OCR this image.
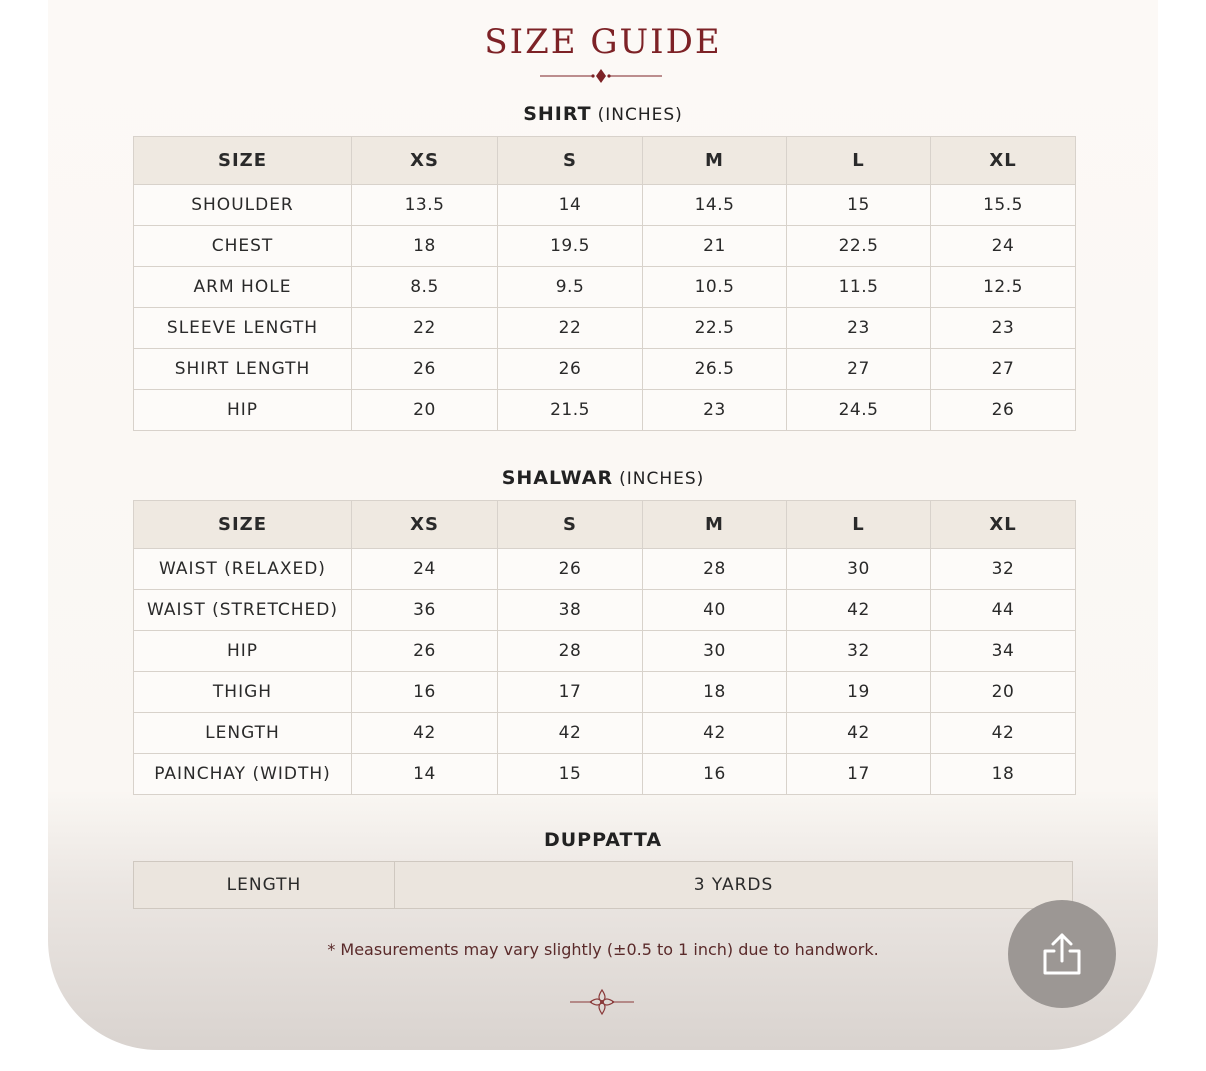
SIZE GUIDE
SHIRT (INCHES)
SIZE	XS	S	M	L	XL
SHOULDER	13.5	14	14.5	15	15.5
CHEST	18	19.5	21	22.5	24
ARM HOLE	8.5	9.5	10.5	11.5	12.5
SLEEVE LENGTH	22	22	22.5	23	23
SHIRT LENGTH	26	26	26.5	27	27
HIP	20	21.5	23	24.5	26
SHALWAR (INCHES)
SIZE	XS	S	M	L	XL
WAIST (RELAXED)	24	26	28	30	32
WAIST (STRETCHED)	36	38	40	42	44
HIP	26	28	30	32	34
THIGH	16	17	18	19	20
LENGTH	42	42	42	42	42
PAINCHAY (WIDTH)	14	15	16	17	18
DUPPATTA
LENGTH	3 YARDS
* Measurements may vary slightly (±0.5 to 1 inch) due to handwork.
